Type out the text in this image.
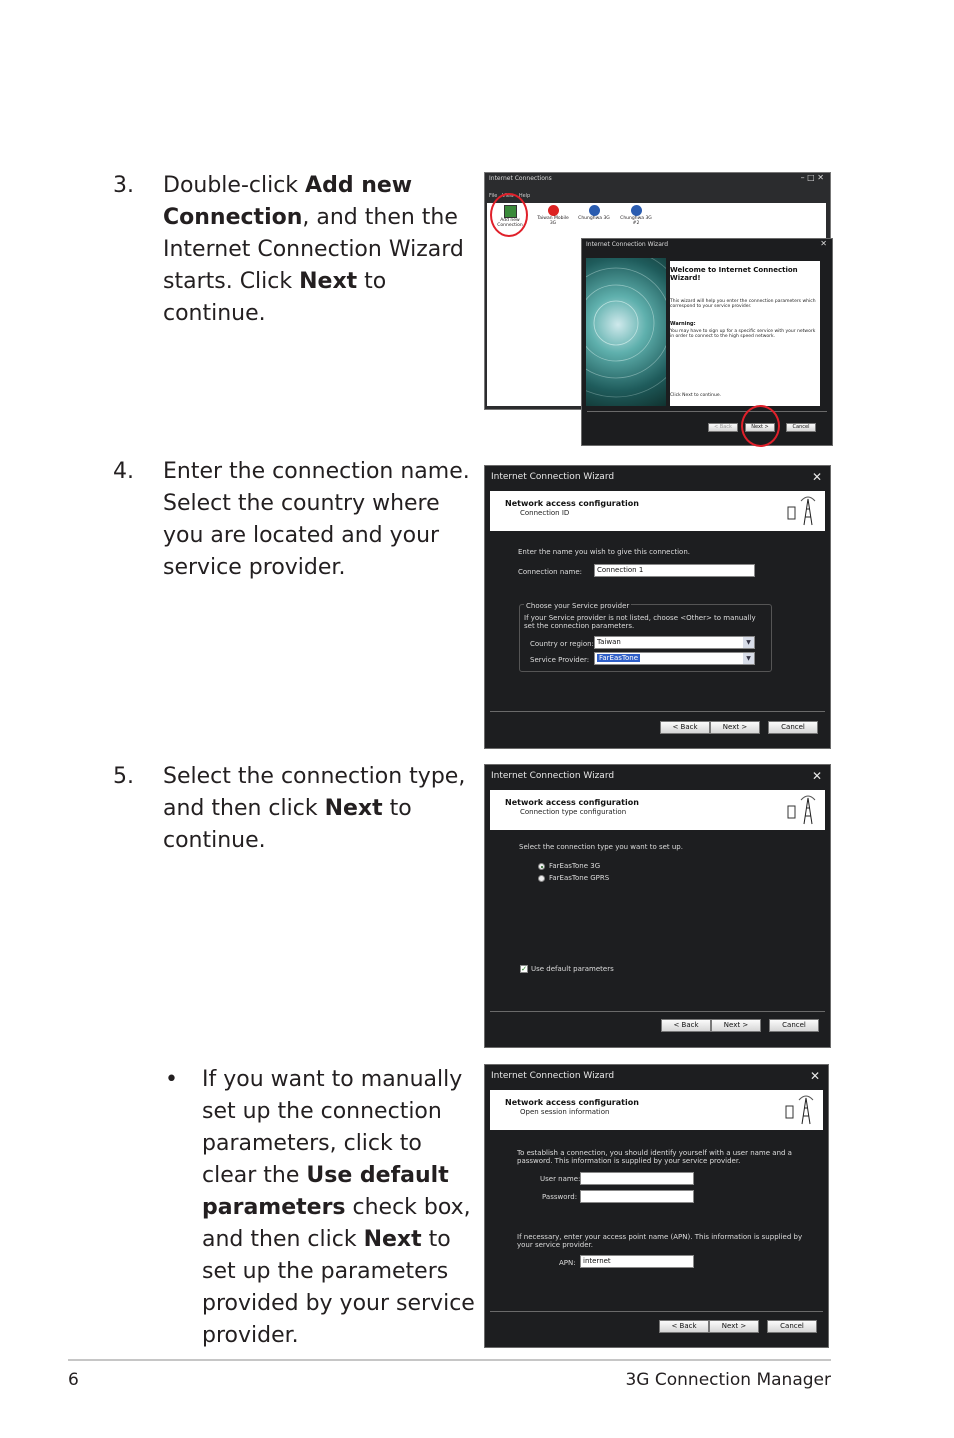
3. Double-click Add new Connection, and then the Internet Connection Wizard starts. Click Next to continue.
Internet Connections	– □ ✕
File View Help
Add new Connection
Taiwan Mobile 3G
Chunghwa 3G	Chunghwa 3G #2
Internet Connection Wizard	✕
Welcome to Internet Connection Wizard!
This wizard will help you enter the connection parameters which correspond to your service provider.
Warning:
You may have to sign up for a specific service with your network in order to connect to the high speed network.
Click Next to continue.
< Back	Next >	Cancel
4. Enter the connection name. Select the country where you are located and your service provider.
Internet Connection Wizard	✕
Network access configuration
Connection ID
Enter the name you wish to give this connection.
Connection name:	Connection 1
Choose your Service provider
If your Service provider is not listed, choose <Other> to manually set the connection parameters.
Country or region: Taiwan	▼
Service Provider:	FarEasTone	▼
< Back	Next >	Cancel
5. Select the connection type, and then click Next to continue.
Internet Connection Wizard	✕
Network access configuration
Connection type configuration
Select the connection type you want to set up.
FarEasTone 3G
FarEasTone GPRS
✓ Use default parameters
< Back	Next >	Cancel
• If you want to manually set up the connection parameters, click to clear the Use default parameters check box, and then click Next to set up the parameters provided by your service provider.
Internet Connection Wizard	✕
Network access configuration
Open session information
To establish a connection, you should identify yourself with a user name and a password. This information is supplied by your service provider.
User name:
Password:
If necessary, enter your access point name (APN). This information is supplied by your service provider.
APN:	internet
< Back	Next >	Cancel
6	3G Connection Manager
